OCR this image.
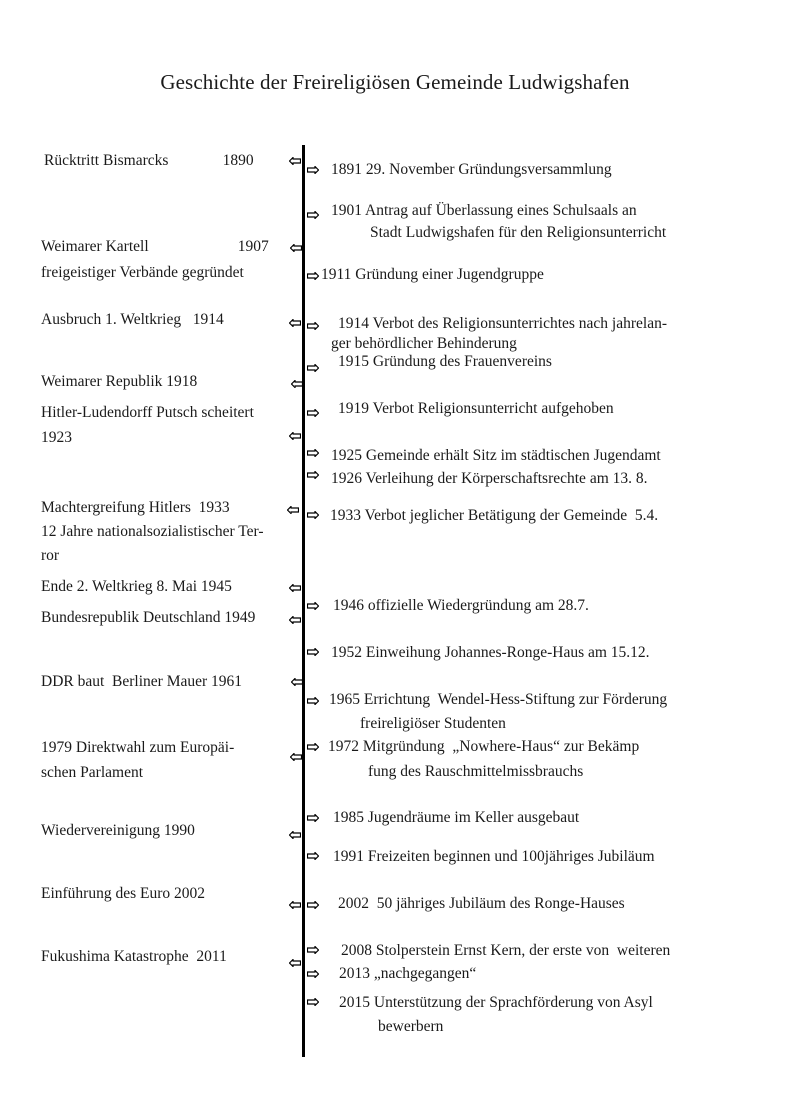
Geschichte der Freireligiösen Gemeinde Ludwigshafen
Rücktritt Bismarcks              1890
Weimarer Kartell                       1907
freigeistiger Verbände gegründet
Ausbruch 1. Weltkrieg   1914
Weimarer Republik 1918
Hitler-Ludendorff Putsch scheitert
1923
Machtergreifung Hitlers  1933
12 Jahre nationalsozialistischer Ter-
ror
Ende 2. Weltkrieg 8. Mai 1945
Bundesrepublik Deutschland 1949
DDR baut  Berliner Mauer 1961
1979 Direktwahl zum Europäi-
schen Parlament
Wiedervereinigung 1990
Einführung des Euro 2002
Fukushima Katastrophe  2011
1891 29. November Gründungsversammlung
1901 Antrag auf Überlassung eines Schulsaals an
Stadt Ludwigshafen für den Religionsunterricht
1911 Gründung einer Jugendgruppe
1914 Verbot des Religionsunterrichtes nach jahrelan-
ger behördlicher Behinderung
1915 Gründung des Frauenvereins
1919 Verbot Religionsunterricht aufgehoben
1925 Gemeinde erhält Sitz im städtischen Jugendamt
1926 Verleihung der Körperschaftsrechte am 13. 8.
1933 Verbot jeglicher Betätigung der Gemeinde  5.4.
1946 offizielle Wiedergründung am 28.7.
1952 Einweihung Johannes-Ronge-Haus am 15.12.
1965 Errichtung  Wendel-Hess-Stiftung zur Förderung
freireligiöser Studenten
1972 Mitgründung  „Nowhere-Haus“ zur Bekämp
fung des Rauschmittelmissbrauchs
1985 Jugendräume im Keller ausgebaut
1991 Freizeiten beginnen und 100jähriges Jubiläum
2002  50 jähriges Jubiläum des Ronge-Hauses
2008 Stolperstein Ernst Kern, der erste von  weiteren
2013 „nachgegangen“
2015 Unterstützung der Sprachförderung von Asyl
bewerbern
